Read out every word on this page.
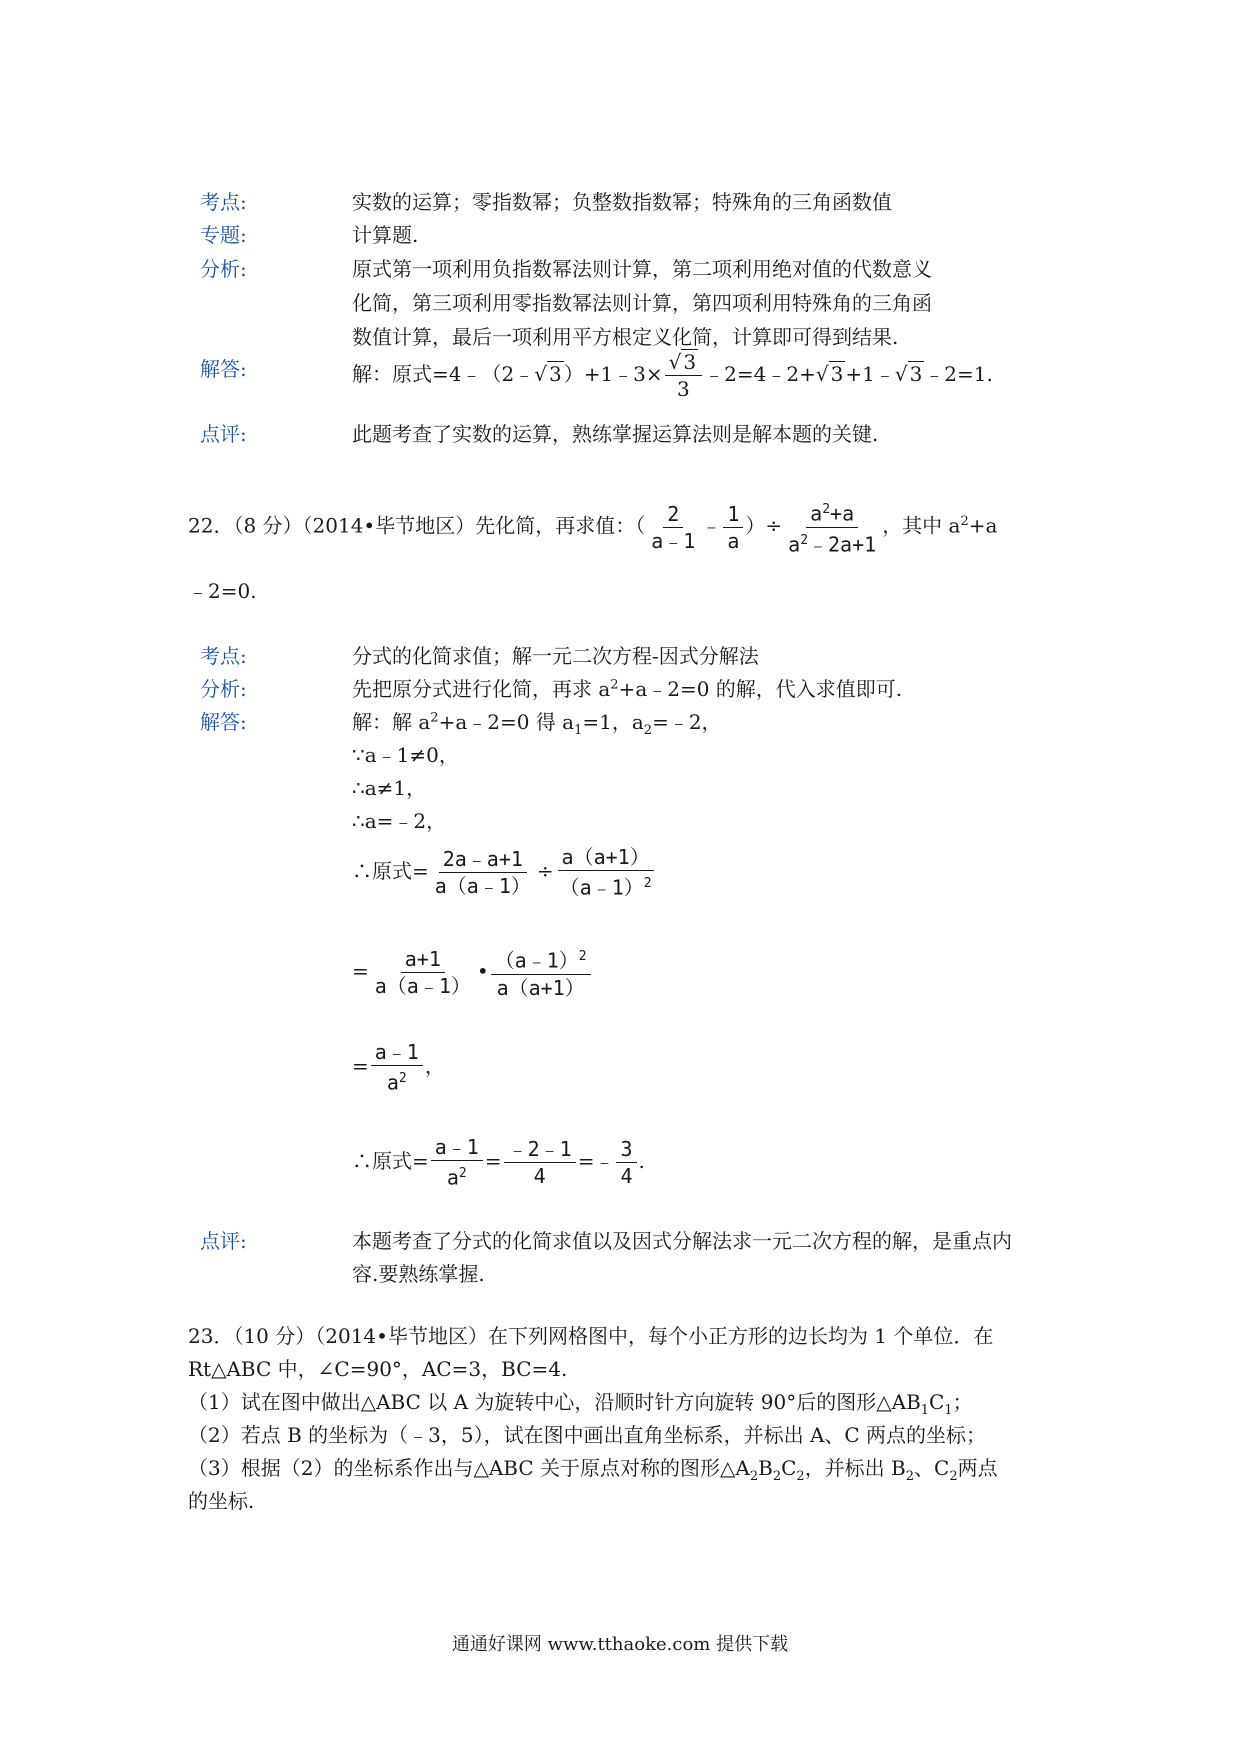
考点:	实数的运算；零指数幂；负整数指数幂；特殊角的三角函数值
专题:	计算题.
分析:	原式第一项利用负指数幂法则计算，第二项利用绝对值的代数意义
化简，第三项利用零指数幂法则计算，第四项利用特殊角的三角函
数值计算，最后一项利用平方根定义化简，计算即可得到结果.
解答:	解：原式=4﹣（2﹣√ 3 ）+1﹣3× $\frac{√ 3}{3}$ ﹣2=4﹣2+√ 3 +1﹣√ 3 ﹣2=1.
点评:	此题考查了实数的运算，熟练掌握运算法则是解本题的关键.
22．（8 分）（2014•毕节地区）先化简，再求值：（ $\frac{2}{a﹣1}$ ﹣ $\frac{1}{a}$ ）÷ $\frac{a^2+a}{a^2﹣2a+1}$ ，其中 $a^2+a$
﹣2=0.
考点:	分式的化简求值；解一元二次方程-因式分解法
分析:	先把原分式进行化简，再求 $a^2+a﹣2=0$ 的解，代入求值即可.
解答:	解：解 $a^2+a﹣2=0$ 得 $a_1=1$，$a_2=﹣2$，
∵a﹣1≠0，
∴a≠1，
∴a=﹣2，
∴原式= $\frac{2a﹣a+1}{a(a﹣1)} \div \frac{a(a+1)}{(a﹣1)^2}$
= $\frac{a+1}{a(a﹣1)}$ • $\frac{(a﹣1)^2}{a(a+1)}$
= $\frac{a﹣1}{a^2}$ ，
∴原式= $\frac{a﹣1}{a^2} = \frac{﹣2﹣1}{4}$ =﹣ $\frac{3}{4}$ .
点评:	本题考查了分式的化简求值以及因式分解法求一元二次方程的解，是重点内
容.要熟练掌握.
23．（10 分）（2014•毕节地区）在下列网格图中，每个小正方形的边长均为 1 个单位．在
Rt△ABC 中，∠C=90°，AC=3，BC=4.
（1）试在图中做出△ABC 以 A 为旋转中心，沿顺时针方向旋转 90°后的图形$\triangle AB_1C_1$；
（2）若点 B 的坐标为（﹣3，5），试在图中画出直角坐标系，并标出 A、C 两点的坐标；
（3）根据（2）的坐标系作出与△ABC 关于原点对称的图形$\triangle A_2B_2C_2$，并标出 $B_2$、$C_2$两点
的坐标.
通通好课网 www.tthaoke.com 提供下载
